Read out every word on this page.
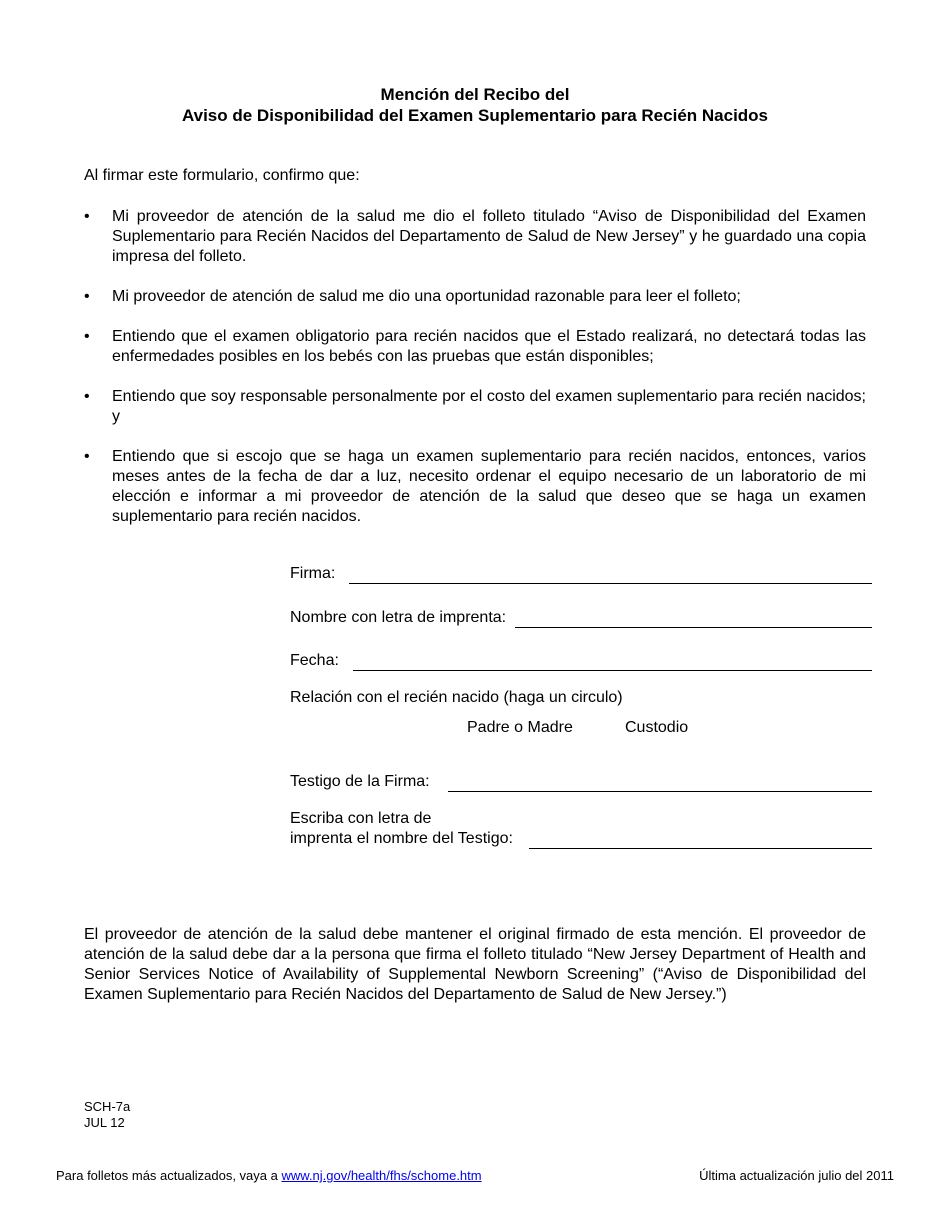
Mención del Recibo del
Aviso de Disponibilidad del Examen Suplementario para Recién Nacidos
Al firmar este formulario, confirmo que:
• Mi proveedor de atención de la salud me dio el folleto titulado “Aviso de Disponibilidad del Examen Suplementario para Recién Nacidos del Departamento de Salud de New Jersey” y he guardado una copia impresa del folleto.
• Mi proveedor de atención de salud me dio una oportunidad razonable para leer el folleto;
• Entiendo que el examen obligatorio para recién nacidos que el Estado realizará, no detectará todas las enfermedades posibles en los bebés con las pruebas que están disponibles;
• Entiendo que soy responsable personalmente por el costo del examen suplementario para recién nacidos; y
• Entiendo que si escojo que se haga un examen suplementario para recién nacidos, entonces, varios meses antes de la fecha de dar a luz, necesito ordenar el equipo necesario de un laboratorio de mi elección e informar a mi proveedor de atención de la salud que deseo que se haga un examen suplementario para recién nacidos.
Firma:
Nombre con letra de imprenta:
Fecha:
Relación con el recién nacido (haga un circulo)
Padre o Madre	Custodio
Testigo de la Firma:
Escriba con letra de
imprenta el nombre del Testigo:
El proveedor de atención de la salud debe mantener el original firmado de esta mención. El proveedor de atención de la salud debe dar a la persona que firma el folleto titulado “New Jersey Department of Health and Senior Services Notice of Availability of Supplemental Newborn Screening” (“Aviso de Disponibilidad del Examen Suplementario para Recién Nacidos del Departamento de Salud de New Jersey.”)
SCH-7a
JUL 12
Para folletos más actualizados, vaya a www.nj.gov/health/fhs/schome.htm	Última actualización julio del 2011
